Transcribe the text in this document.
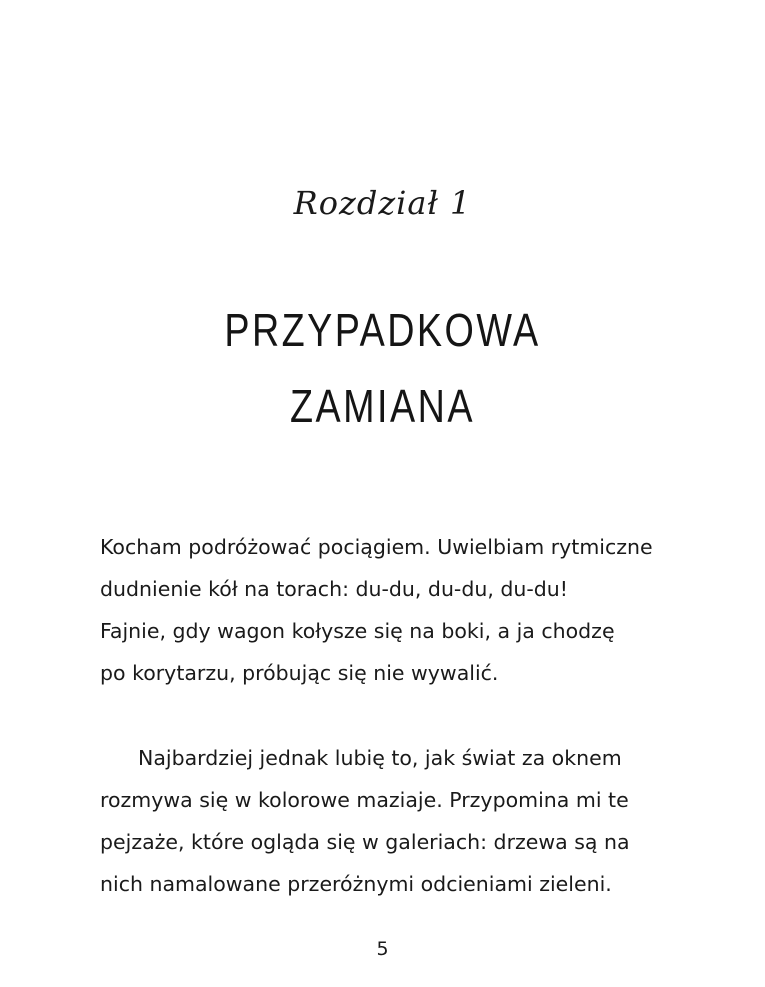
Rozdział 1
PRZYPADKOWA
ZAMIANA
Kocham podróżować pociągiem. Uwielbiam rytmiczne
dudnienie kół na torach: du-du, du-du, du-du!
Fajnie, gdy wagon kołysze się na boki, a ja chodzę
po korytarzu, próbując się nie wywalić.
Najbardziej jednak lubię to, jak świat za oknem
rozmywa się w kolorowe maziaje. Przypomina mi te
pejzaże, które ogląda się w galeriach: drzewa są na
nich namalowane przeróżnymi odcieniami zieleni.
5
